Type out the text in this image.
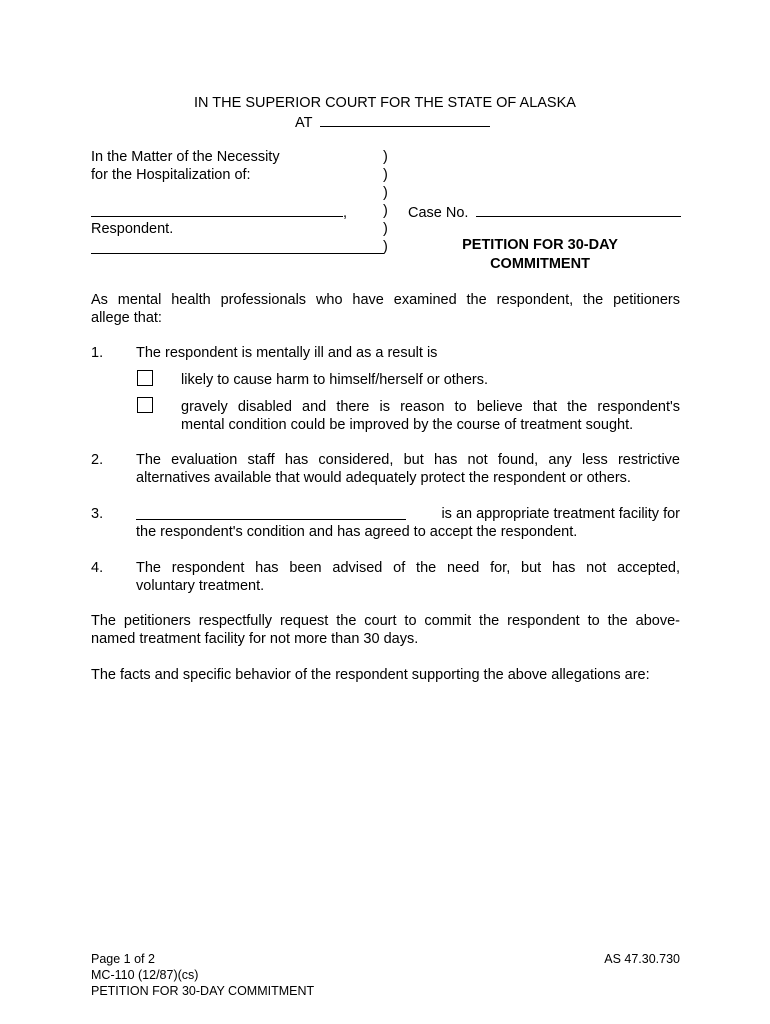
IN THE SUPERIOR COURT FOR THE STATE OF ALASKA
AT
In the Matter of the Necessity
for the Hospitalization of:
,
Respondent.
)
)
)
)
)
)
Case No.
PETITION FOR 30-DAY
COMMITMENT
As mental health professionals who have examined the respondent, the petitioners
allege that:
1. The respondent is mentally ill and as a result is
likely to cause harm to himself/herself or others.
gravely disabled and there is reason to believe that the respondent's
mental condition could be improved by the course of treatment sought.
2. The evaluation staff has considered, but has not found, any less restrictive
alternatives available that would adequately protect the respondent or others.
3.	is an appropriate treatment facility for
the respondent's condition and has agreed to accept the respondent.
4. The respondent has been advised of the need for, but has not accepted,
voluntary treatment.
The petitioners respectfully request the court to commit the respondent to the above-
named treatment facility for not more than 30 days.
The facts and specific behavior of the respondent supporting the above allegations are:
Page 1 of 2
MC-110 (12/87)(cs)
PETITION FOR 30-DAY COMMITMENT
AS 47.30.730
